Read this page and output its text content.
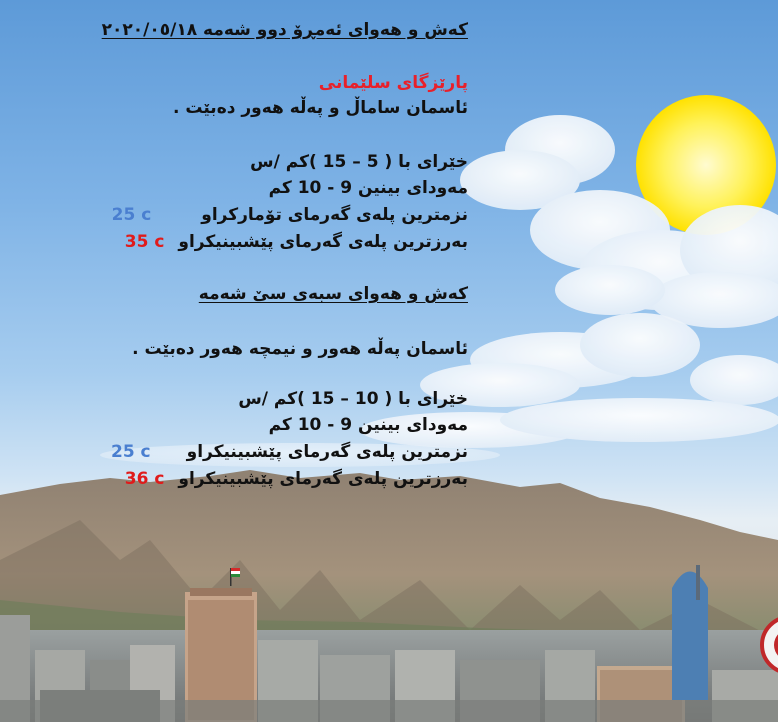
کەش و هەوای ئەمڕۆ دوو شەمە ٢٠٢٠/٠٥/١٨
پارێزگای سلێمانی
ئاسمان ساماڵ و پەڵە هەور دەبێت .
خێرای با ( 5 – 15 )کم /س
مەودای بینین 9 - 10 کم
نزمترین پلەی گەرمای تۆمارکراو
25 c
بەرزترین پلەی گەرمای پێشبینیکراو
35 c
کەش و هەوای سبەی سێ شەمە
ئاسمان پەڵە هەور و نیمچە هەور دەبێت .
خێرای با ( 10 – 15 )کم /س
مەودای بینین 9 - 10 کم
نزمترین پلەی گەرمای پێشبینیکراو
25 c
بەرزترین پلەی گەرمای پێشبینیکراو
36 c
